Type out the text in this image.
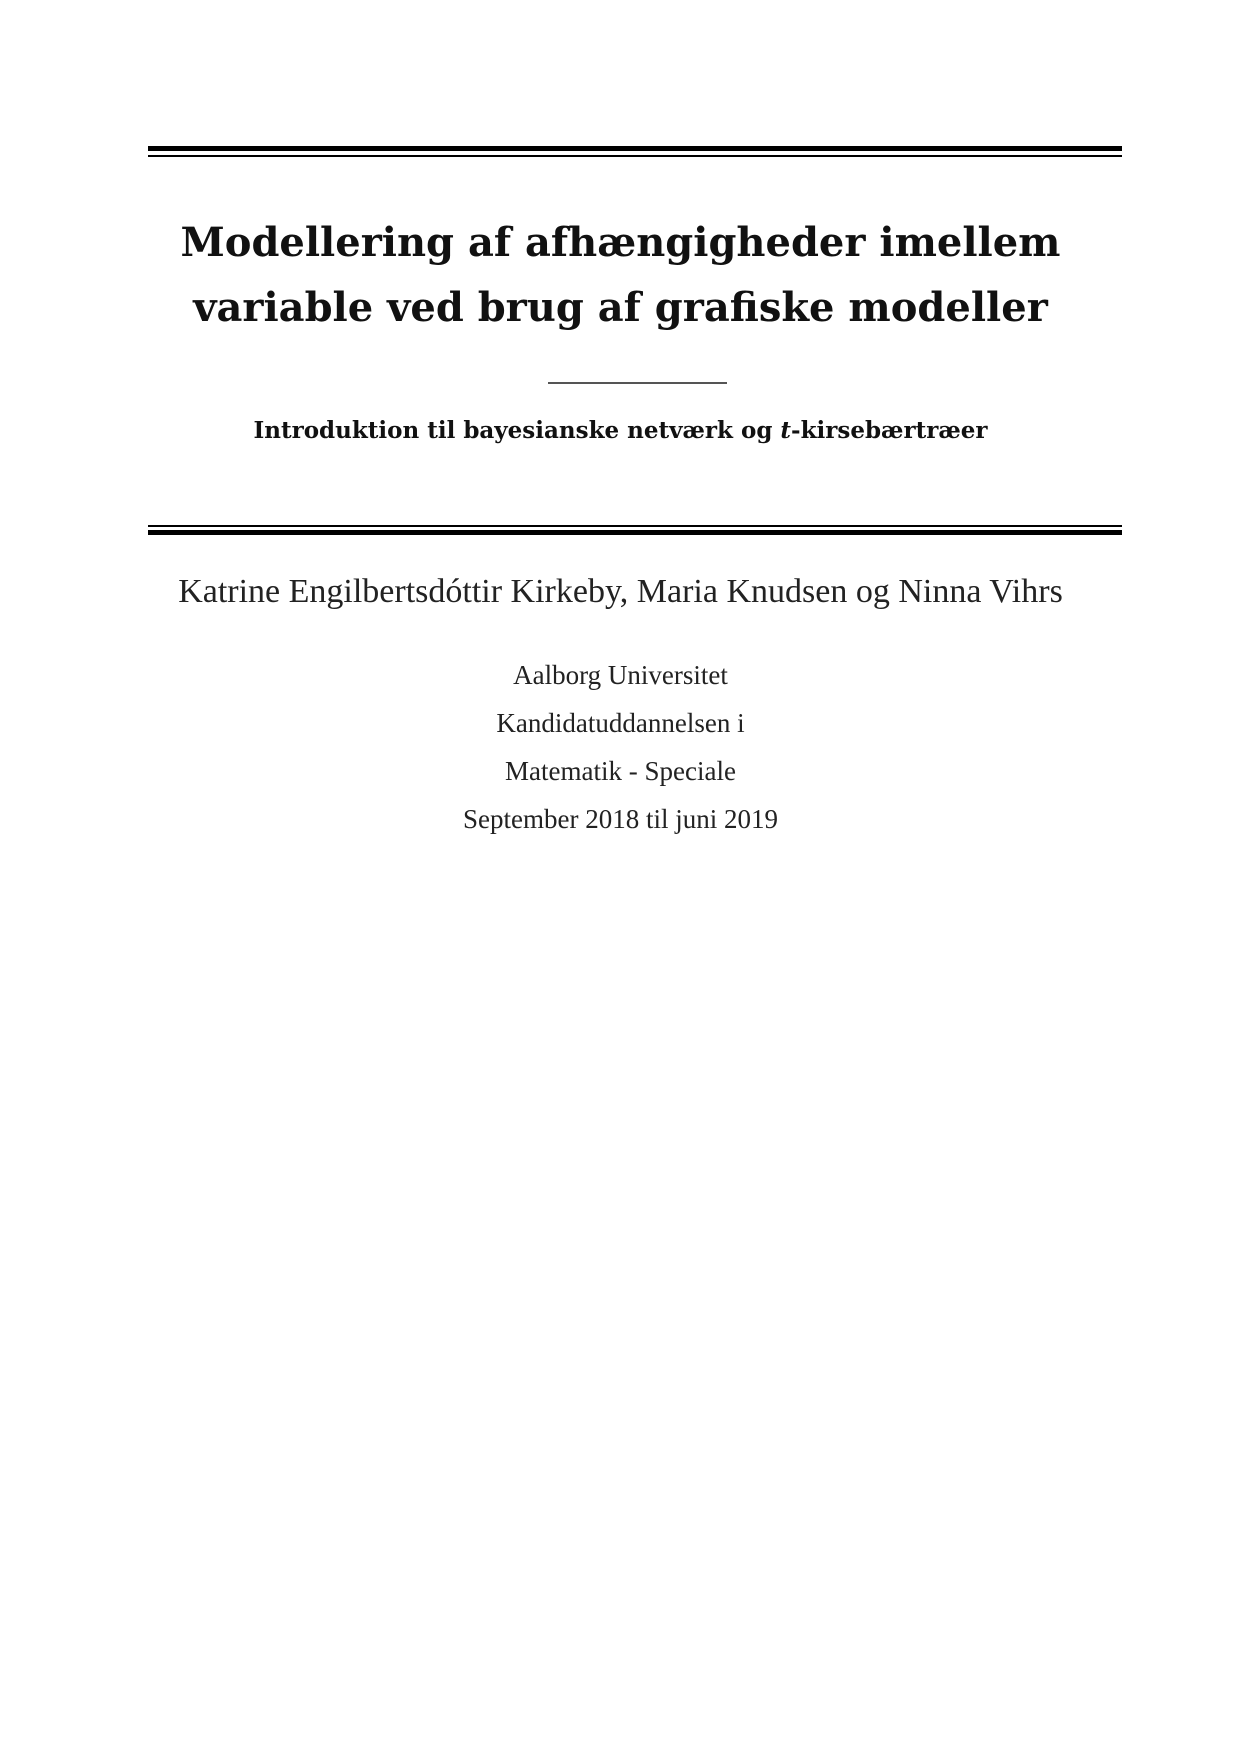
Modellering af afhængigheder imellem
variable ved brug af grafiske modeller
Introduktion til bayesianske netværk og t-kirsebærtræer
Katrine Engilbertsdóttir Kirkeby, Maria Knudsen og Ninna Vihrs
Aalborg Universitet
Kandidatuddannelsen i
Matematik - Speciale
September 2018 til juni 2019
